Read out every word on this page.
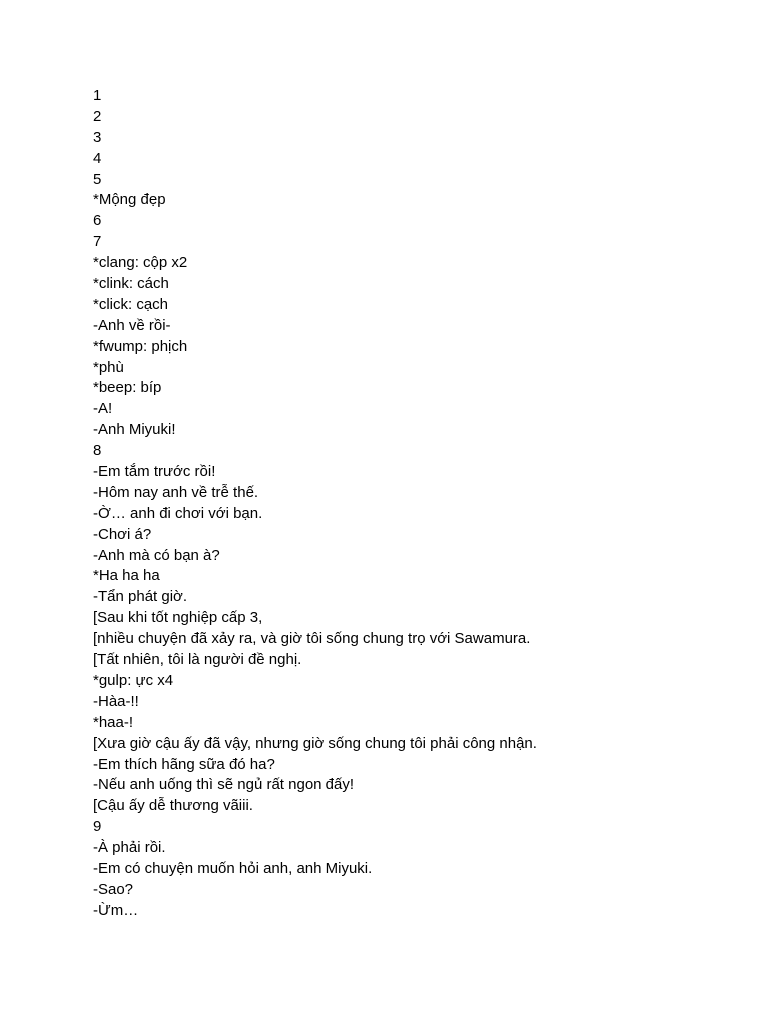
1
2
3
4
5
*Mộng đẹp
6
7
*clang: cộp x2
*clink: cách
*click: cạch
-Anh về rồi-
*fwump: phịch
*phù
*beep: bíp
-A!
-Anh Miyuki!
8
-Em tắm trước rồi!
-Hôm nay anh về trễ thế.
-Ờ… anh đi chơi với bạn.
-Chơi á?
-Anh mà có bạn à?
*Ha ha ha
-Tẩn phát giờ.
[Sau khi tốt nghiệp cấp 3,
[nhiều chuyện đã xảy ra, và giờ tôi sống chung trọ với Sawamura.
[Tất nhiên, tôi là người đề nghị.
*gulp: ực x4
-Hàa-!!
*haa-!
[Xưa giờ cậu ấy đã vậy, nhưng giờ sống chung tôi phải công nhận.
-Em thích hãng sữa đó ha?
-Nếu anh uống thì sẽ ngủ rất ngon đấy!
[Cậu ấy dễ thương vãiii.
9
-À phải rồi.
-Em có chuyện muốn hỏi anh, anh Miyuki.
-Sao?
-Ừm…
